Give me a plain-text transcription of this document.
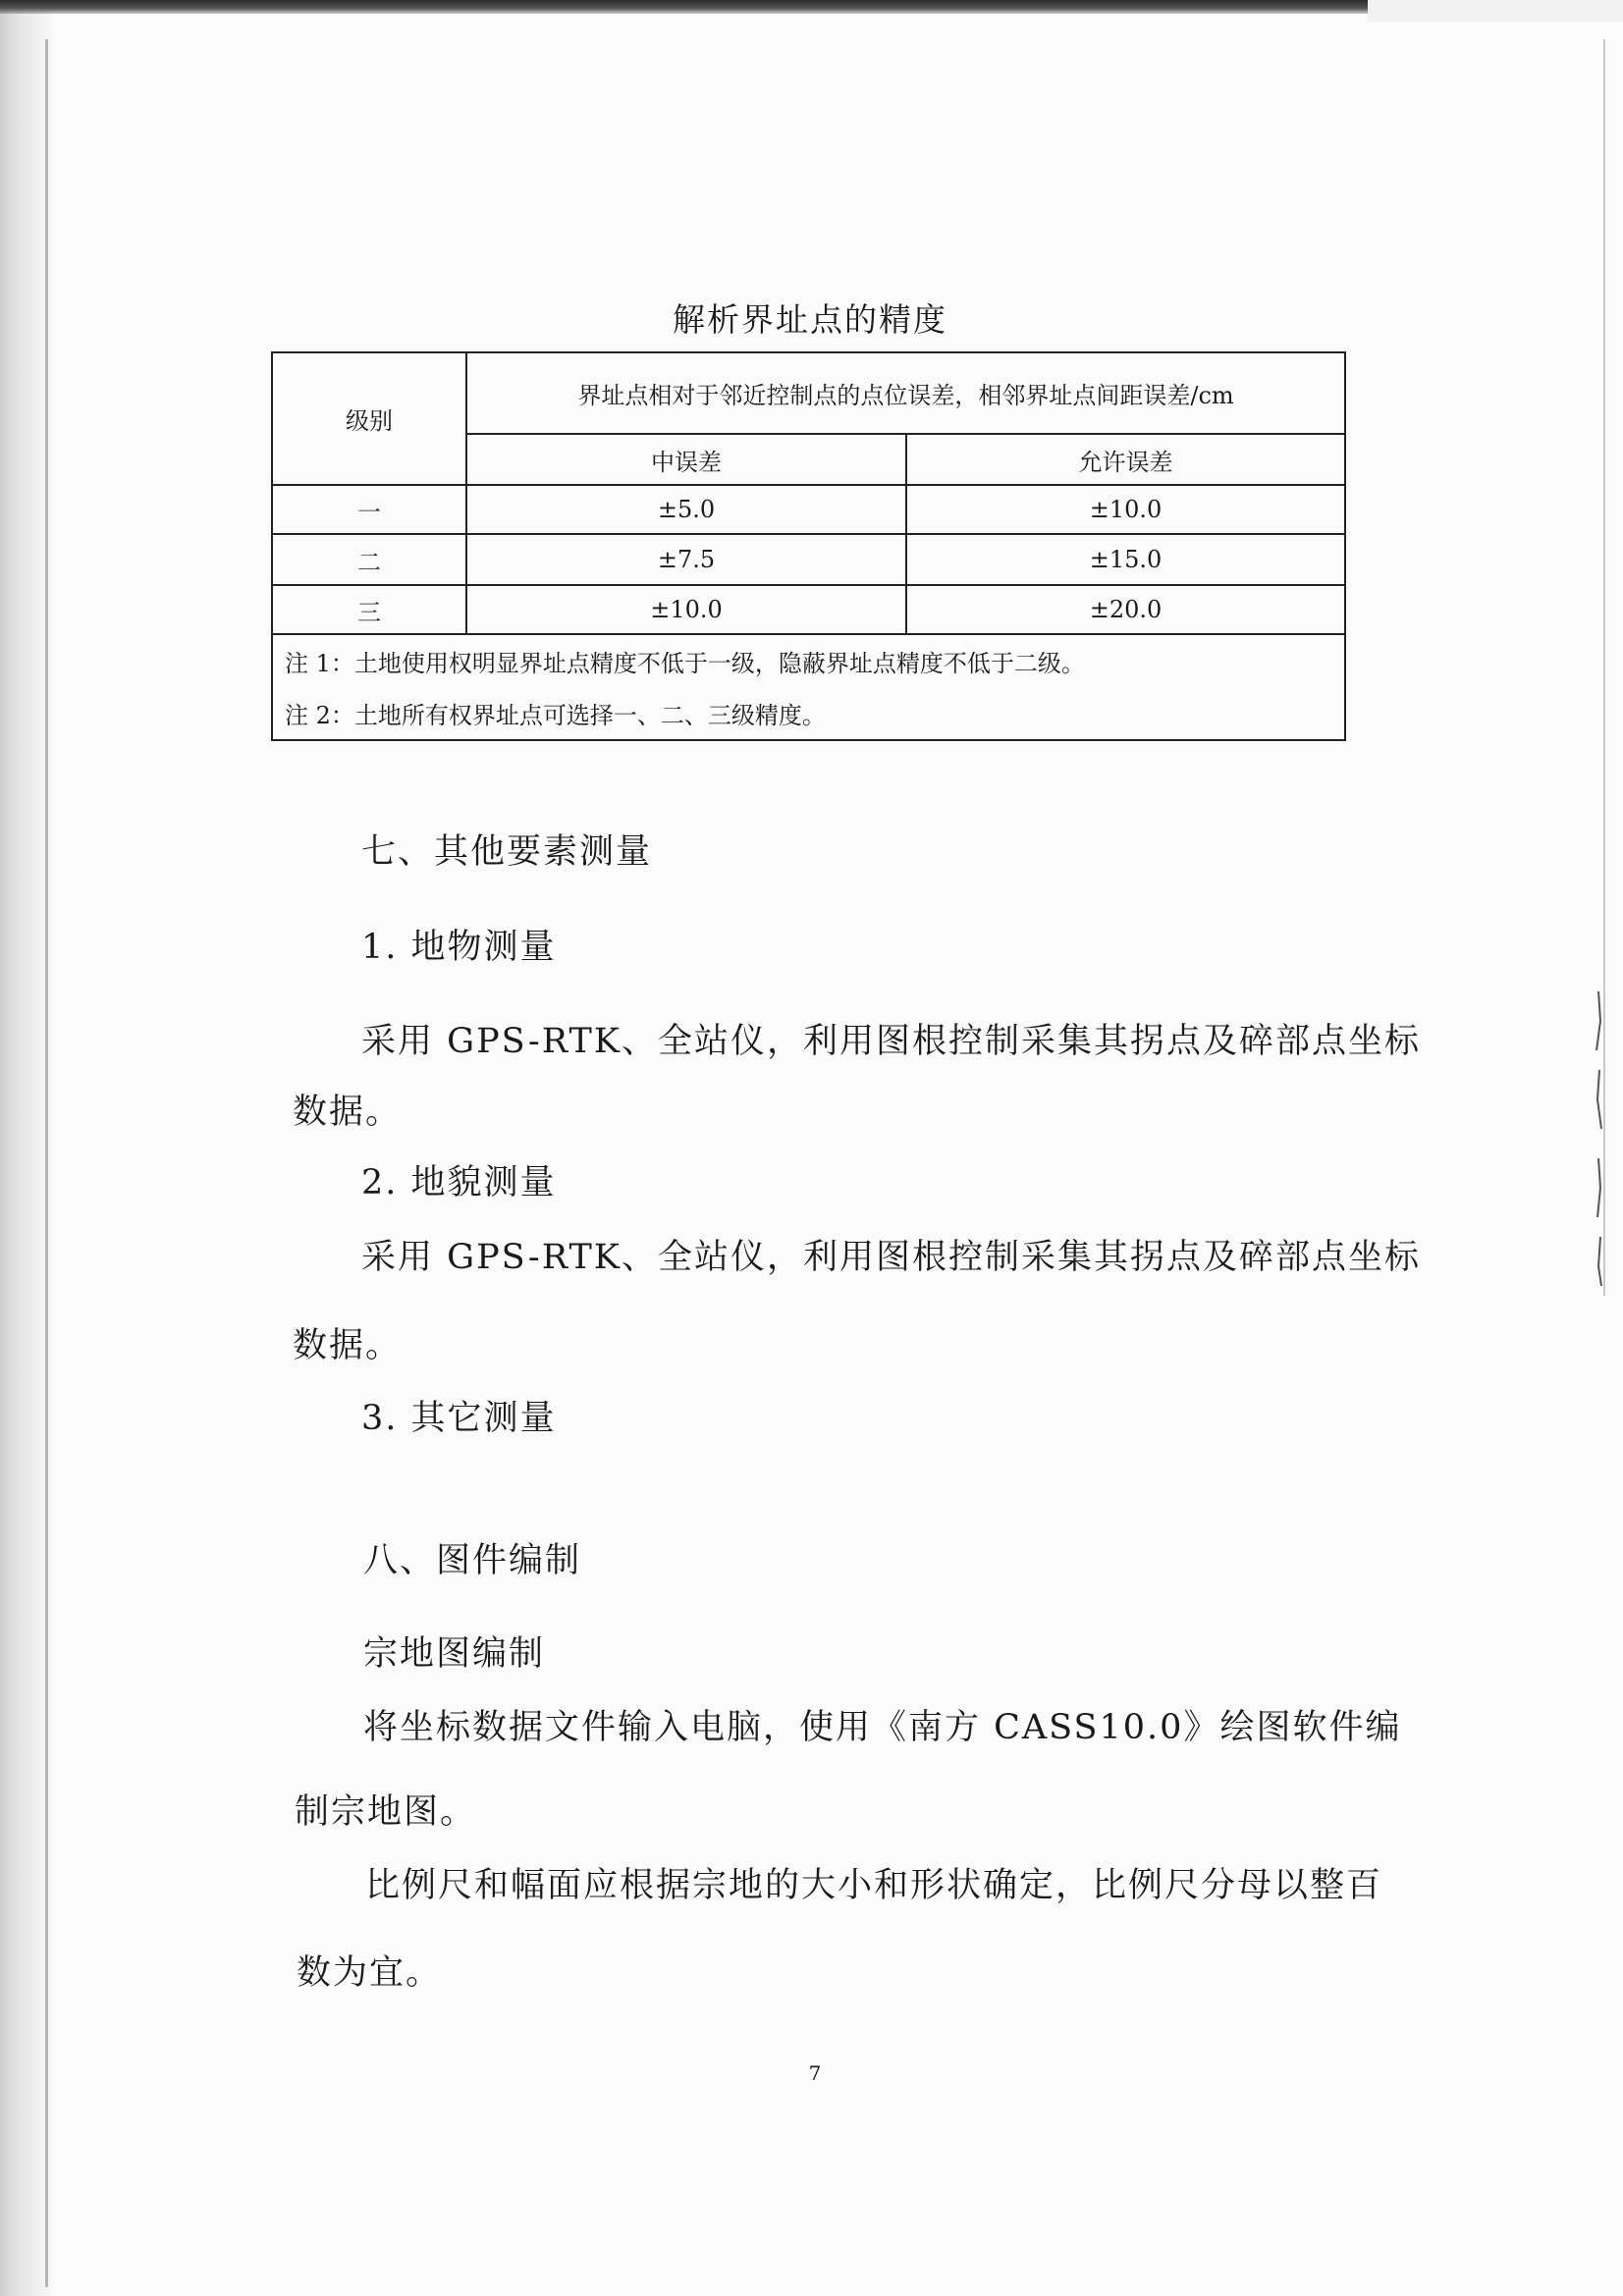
解析界址点的精度
级别	界址点相对于邻近控制点的点位误差，相邻界址点间距误差/cm	
	中误差	允许误差
一	±5.0	±10.0
二	±7.5	±15.0
三	±10.0	±20.0
注 1：土地使用权明显界址点精度不低于一级，隐蔽界址点精度不低于二级。		
注 2：土地所有权界址点可选择一、二、三级精度。		
七、其他要素测量
1. 地物测量
采用 GPS-RTK、全站仪，利用图根控制采集其拐点及碎部点坐标
数据。
2. 地貌测量
采用 GPS-RTK、全站仪，利用图根控制采集其拐点及碎部点坐标
数据。
3. 其它测量
八、图件编制
宗地图编制
将坐标数据文件输入电脑，使用《南方 CASS10.0》绘图软件编
制宗地图。
比例尺和幅面应根据宗地的大小和形状确定，比例尺分母以整百
数为宜。
7
